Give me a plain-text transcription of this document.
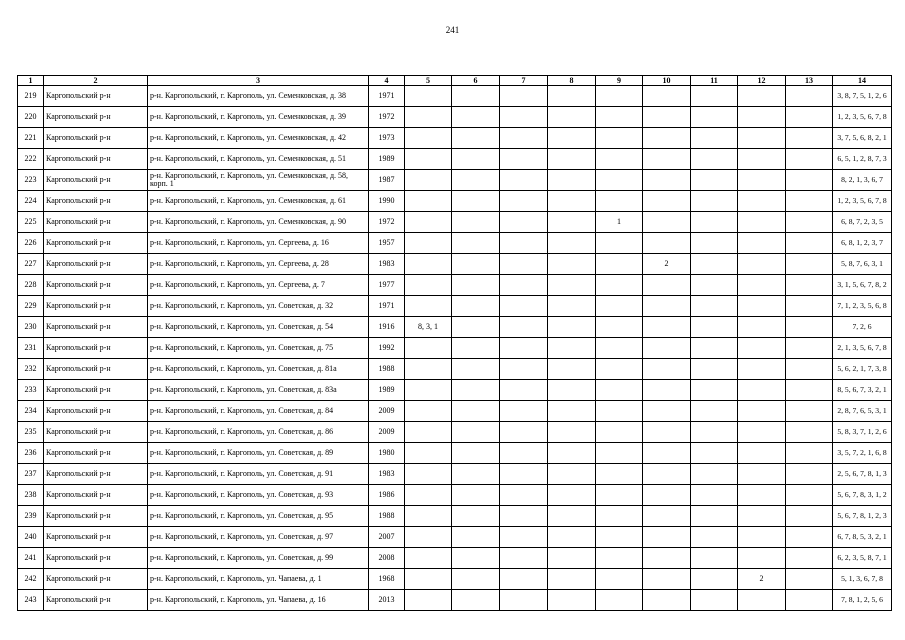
241
1	2	3	4	5	6	7	8	9	10	11	12	13	14
219	Каргопольский р-н	р-н. Каргопольский, г. Каргополь, ул. Семенковская, д. 38	1971										3, 8, 7, 5, 1, 2, 6
220	Каргопольский р-н	р-н. Каргопольский, г. Каргополь, ул. Семенковская, д. 39	1972										1, 2, 3, 5, 6, 7, 8
221	Каргопольский р-н	р-н. Каргопольский, г. Каргополь, ул. Семенковская, д. 42	1973										3, 7, 5, 6, 8, 2, 1
222	Каргопольский р-н	р-н. Каргопольский, г. Каргополь, ул. Семенковская, д. 51	1989										6, 5, 1, 2, 8, 7, 3
223	Каргопольский р-н	р-н. Каргопольский, г. Каргополь, ул. Семенковская, д. 58, корп. 1	1987										8, 2, 1, 3, 6, 7
224	Каргопольский р-н	р-н. Каргопольский, г. Каргополь, ул. Семенковская, д. 61	1990										1, 2, 3, 5, 6, 7, 8
225	Каргопольский р-н	р-н. Каргопольский, г. Каргополь, ул. Семенковская, д. 90	1972					1					6, 8, 7, 2, 3, 5
226	Каргопольский р-н	р-н. Каргопольский, г. Каргополь, ул. Сергеева, д. 16	1957										6, 8, 1, 2, 3, 7
227	Каргопольский р-н	р-н. Каргопольский, г. Каргополь, ул. Сергеева, д. 28	1983						2				5, 8, 7, 6, 3, 1
228	Каргопольский р-н	р-н. Каргопольский, г. Каргополь, ул. Сергеева, д. 7	1977										3, 1, 5, 6, 7, 8, 2
229	Каргопольский р-н	р-н. Каргопольский, г. Каргополь, ул. Советская, д. 32	1971										7, 1, 2, 3, 5, 6, 8
230	Каргопольский р-н	р-н. Каргопольский, г. Каргополь, ул. Советская, д. 54	1916	8, 3, 1									7, 2, 6
231	Каргопольский р-н	р-н. Каргопольский, г. Каргополь, ул. Советская, д. 75	1992										2, 1, 3, 5, 6, 7, 8
232	Каргопольский р-н	р-н. Каргопольский, г. Каргополь, ул. Советская, д. 81а	1988										5, 6, 2, 1, 7, 3, 8
233	Каргопольский р-н	р-н. Каргопольский, г. Каргополь, ул. Советская, д. 83а	1989										8, 5, 6, 7, 3, 2, 1
234	Каргопольский р-н	р-н. Каргопольский, г. Каргополь, ул. Советская, д. 84	2009										2, 8, 7, 6, 5, 3, 1
235	Каргопольский р-н	р-н. Каргопольский, г. Каргополь, ул. Советская, д. 86	2009										5, 8, 3, 7, 1, 2, 6
236	Каргопольский р-н	р-н. Каргопольский, г. Каргополь, ул. Советская, д. 89	1980										3, 5, 7, 2, 1, 6, 8
237	Каргопольский р-н	р-н. Каргопольский, г. Каргополь, ул. Советская, д. 91	1983										2, 5, 6, 7, 8, 1, 3
238	Каргопольский р-н	р-н. Каргопольский, г. Каргополь, ул. Советская, д. 93	1986										5, 6, 7, 8, 3, 1, 2
239	Каргопольский р-н	р-н. Каргопольский, г. Каргополь, ул. Советская, д. 95	1988										5, 6, 7, 8, 1, 2, 3
240	Каргопольский р-н	р-н. Каргопольский, г. Каргополь, ул. Советская, д. 97	2007										6, 7, 8, 5, 3, 2, 1
241	Каргопольский р-н	р-н. Каргопольский, г. Каргополь, ул. Советская, д. 99	2008										6, 2, 3, 5, 8, 7, 1
242	Каргопольский р-н	р-н. Каргопольский, г. Каргополь, ул. Чапаева, д. 1	1968								2		5, 1, 3, 6, 7, 8
243	Каргопольский р-н	р-н. Каргопольский, г. Каргополь, ул. Чапаева, д. 16	2013										7, 8, 1, 2, 5, 6
